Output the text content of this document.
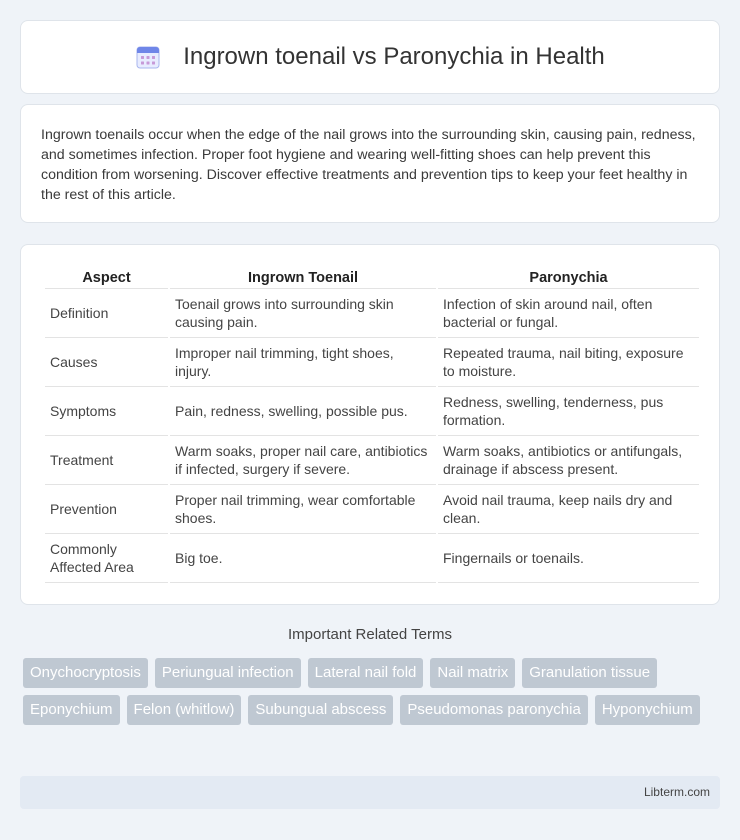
Ingrown toenail vs Paronychia in Health

Ingrown toenails occur when the edge of the nail grows into the surrounding skin, causing pain, redness, and sometimes infection. Proper foot hygiene and wearing well-fitting shoes can help prevent this condition from worsening. Discover effective treatments and prevention tips to keep your feet healthy in the rest of this article.

Aspect	Ingrown Toenail	Paronychia
Definition	Toenail grows into surrounding skin causing pain.	Infection of skin around nail, often bacterial or fungal.
Causes	Improper nail trimming, tight shoes, injury.	Repeated trauma, nail biting, exposure to moisture.
Symptoms	Pain, redness, swelling, possible pus.	Redness, swelling, tenderness, pus formation.
Treatment	Warm soaks, proper nail care, antibiotics if infected, surgery if severe.	Warm soaks, antibiotics or antifungals, drainage if abscess present.
Prevention	Proper nail trimming, wear comfortable shoes.	Avoid nail trauma, keep nails dry and clean.
Commonly Affected Area	Big toe.	Fingernails or toenails.
Important Related Terms
Onychocryptosis	Periungual infection	Lateral nail fold	Nail matrix	Granulation tissue
Eponychium	Felon (whitlow)	Subungual abscess	Pseudomonas paronychia	Hyponychium
Libterm.com
